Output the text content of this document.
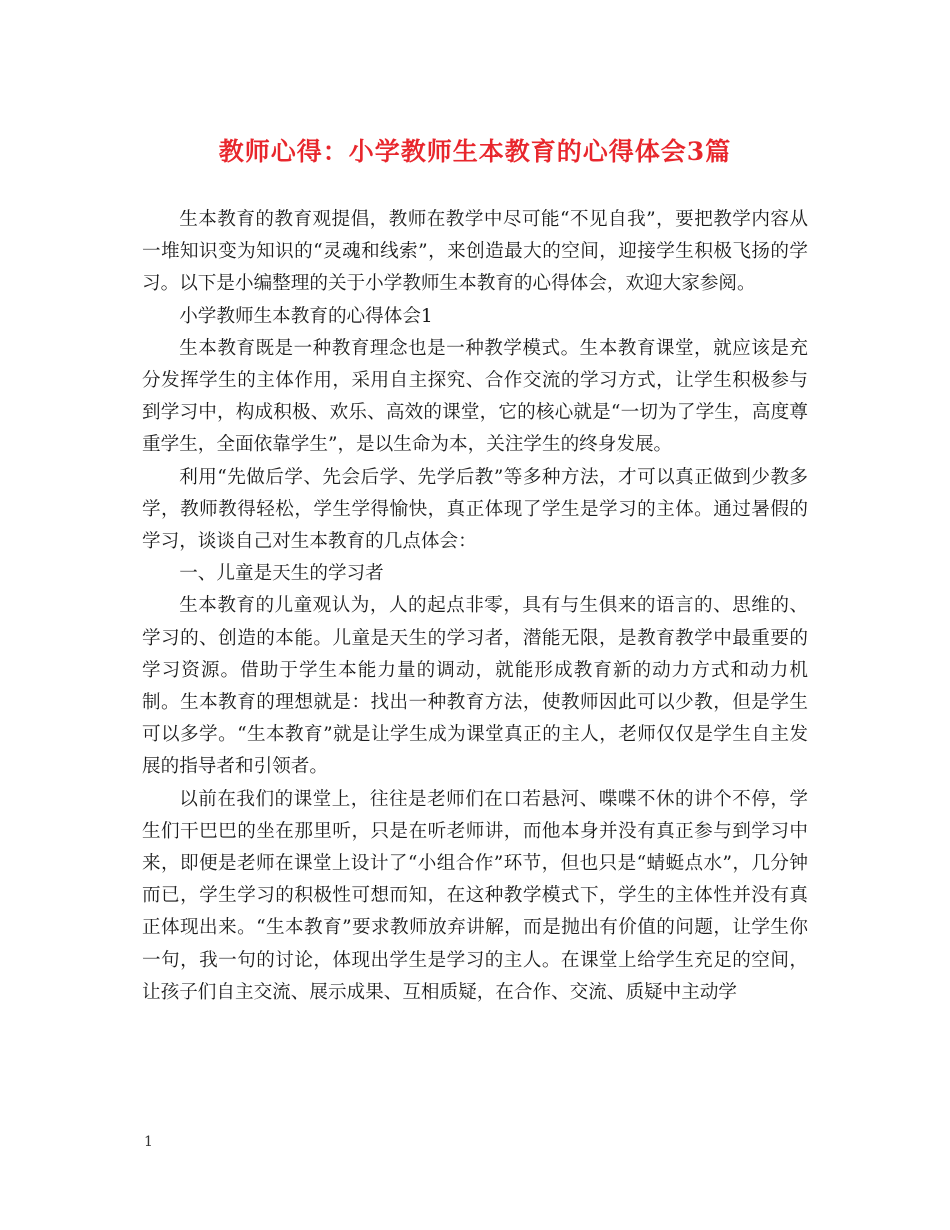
教师心得：小学教师生本教育的心得体会3篇

生本教育的教育观提倡，教师在教学中尽可能“不见自我”，要把教学内容从一堆知识变为知识的“灵魂和线索”，来创造最大的空间，迎接学生积极飞扬的学习。以下是小编整理的关于小学教师生本教育的心得体会，欢迎大家参阅。

小学教师生本教育的心得体会1

生本教育既是一种教育理念也是一种教学模式。生本教育课堂，就应该是充分发挥学生的主体作用，采用自主探究、合作交流的学习方式，让学生积极参与到学习中，构成积极、欢乐、高效的课堂，它的核心就是“一切为了学生，高度尊重学生，全面依靠学生”，是以生命为本，关注学生的终身发展。

利用“先做后学、先会后学、先学后教”等多种方法，才可以真正做到少教多学，教师教得轻松，学生学得愉快，真正体现了学生是学习的主体。通过暑假的学习，谈谈自己对生本教育的几点体会：

一、儿童是天生的学习者

生本教育的儿童观认为，人的起点非零，具有与生俱来的语言的、思维的、学习的、创造的本能。儿童是天生的学习者，潜能无限，是教育教学中最重要的学习资源。借助于学生本能力量的调动，就能形成教育新的动力方式和动力机制。生本教育的理想就是：找出一种教育方法，使教师因此可以少教，但是学生可以多学。“生本教育”就是让学生成为课堂真正的主人，老师仅仅是学生自主发展的指导者和引领者。

以前在我们的课堂上，往往是老师们在口若悬河、喋喋不休的讲个不停，学生们干巴巴的坐在那里听，只是在听老师讲，而他本身并没有真正参与到学习中来，即便是老师在课堂上设计了“小组合作”环节，但也只是“蜻蜓点水”，几分钟而已，学生学习的积极性可想而知，在这种教学模式下，学生的主体性并没有真正体现出来。“生本教育”要求教师放弃讲解，而是抛出有价值的问题，让学生你一句，我一句的讨论，体现出学生是学习的主人。在课堂上给学生充足的空间，让孩子们自主交流、展示成果、互相质疑，在合作、交流、质疑中主动学

1
